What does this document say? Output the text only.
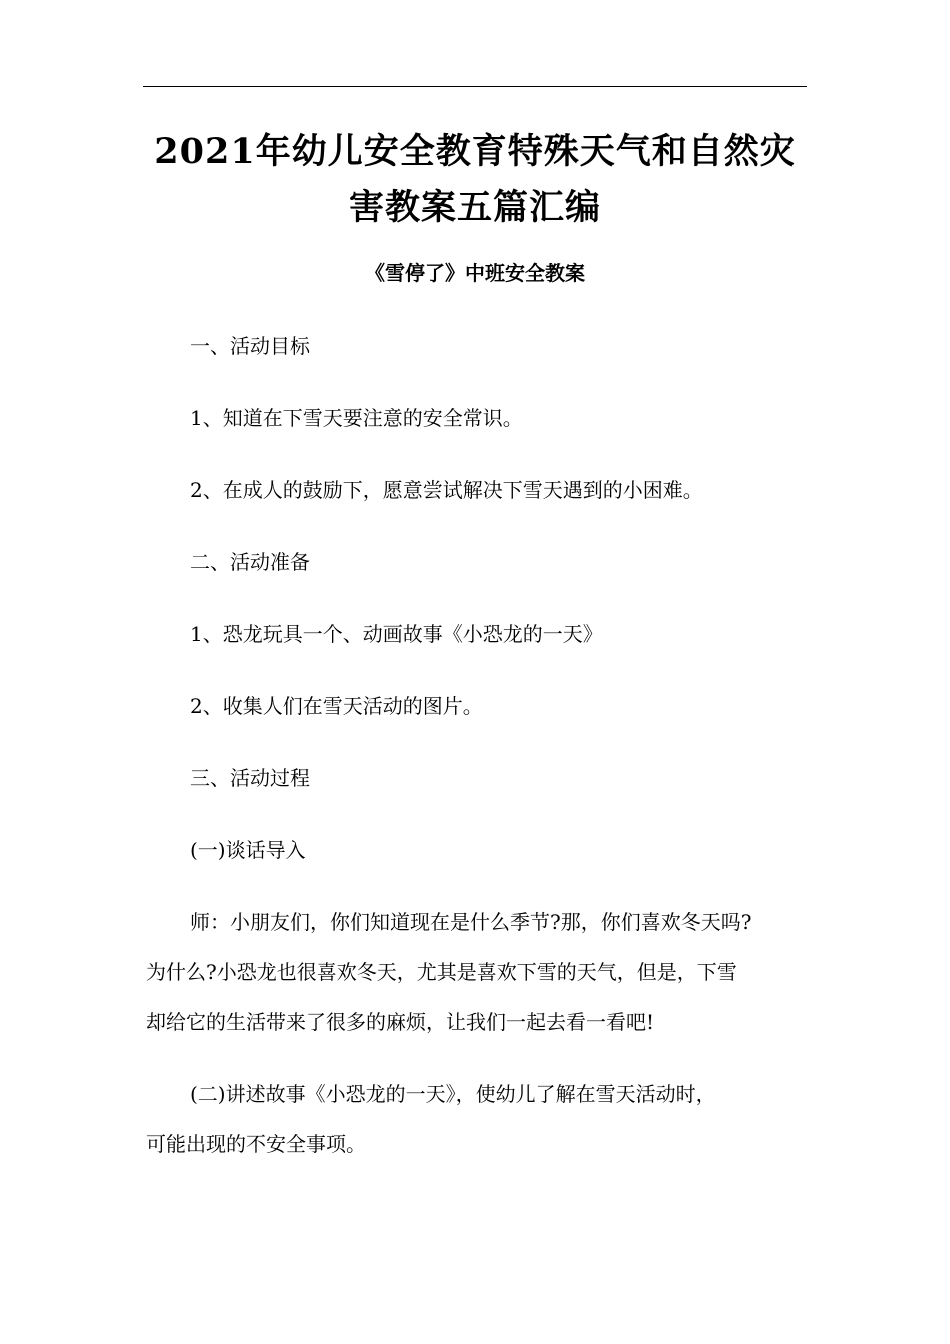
2021年幼儿安全教育特殊天气和自然灾
害教案五篇汇编
《雪停了》中班安全教案
一、活动目标
1、知道在下雪天要注意的安全常识。
2、在成人的鼓励下，愿意尝试解决下雪天遇到的小困难。
二、活动准备
1、恐龙玩具一个、动画故事《小恐龙的一天》
2、收集人们在雪天活动的图片。
三、活动过程
(一)谈话导入
师：小朋友们，你们知道现在是什么季节?那，你们喜欢冬天吗?
为什么?小恐龙也很喜欢冬天，尤其是喜欢下雪的天气，但是，下雪
却给它的生活带来了很多的麻烦，让我们一起去看一看吧!
(二)讲述故事《小恐龙的一天》，使幼儿了解在雪天活动时，
可能出现的不安全事项。
